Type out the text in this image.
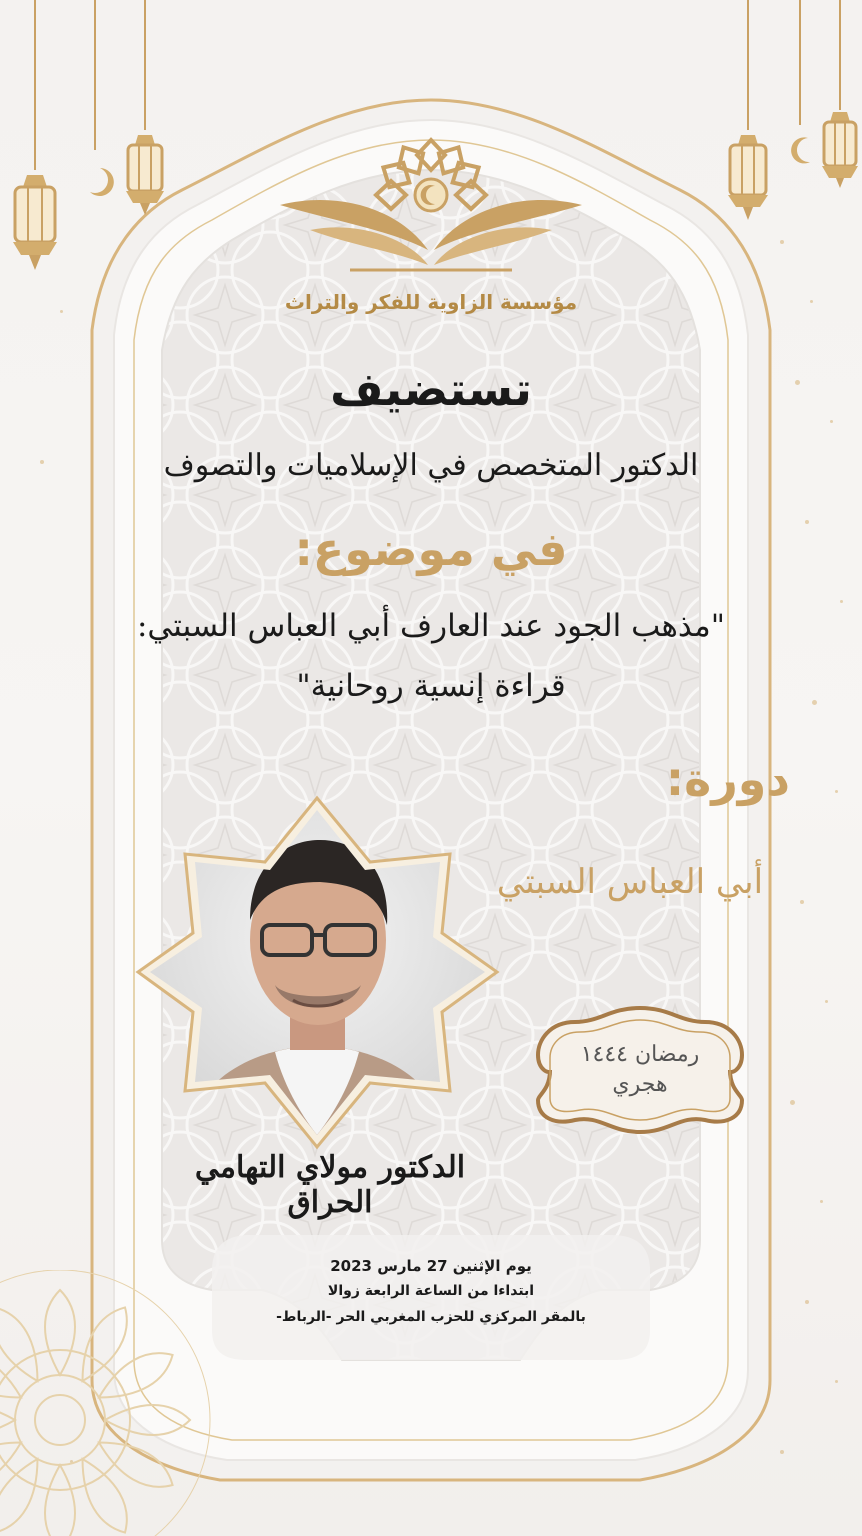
مؤسسة الزاوية للفكر والتراث
تستضيف
الدكتور المتخصص في الإسلاميات والتصوف
في موضوع:
"مذهب الجود عند العارف أبي العباس السبتي:
قراءة إنسية روحانية"
دورة:
أبي العباس السبتي
رمضان ١٤٤٤
هجري
الدكتور مولاي التهامي الحراق
يوم الإثنين 27 مارس 2023
ابتداءا من الساعة الرابعة زوالا
بالمقر المركزي للحزب المغربي الحر -الرباط-
